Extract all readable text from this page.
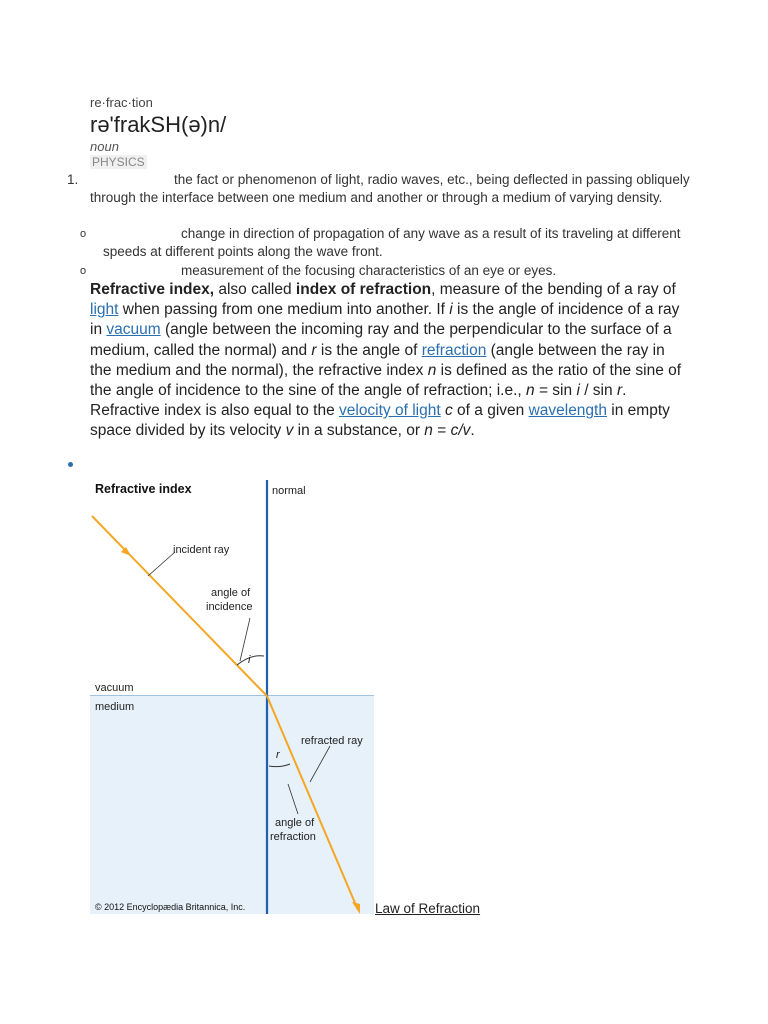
re·frac·tion
rə'frakSH(ə)n/
noun
PHYSICS
1.	the fact or phenomenon of light, radio waves, etc., being deflected in passing obliquely through the interface between one medium and another or through a medium of varying density.
o	change in direction of propagation of any wave as a result of its traveling at different speeds at different points along the wave front.
o	measurement of the focusing characteristics of an eye or eyes.
Refractive index, also called index of refraction, measure of the bending of a ray of light when passing from one medium into another. If i is the angle of incidence of a ray in vacuum (angle between the incoming ray and the perpendicular to the surface of a medium, called the normal) and r is the angle of refraction (angle between the ray in the medium and the normal), the refractive index n is defined as the ratio of the sine of the angle of incidence to the sine of the angle of refraction; i.e., n = sin i / sin r. Refractive index is also equal to the velocity of light c of a given wavelength in empty space divided by its velocity v in a substance, or n = c/v.
Refractive index	normal
incident ray
angle of
incidence
i
vacuum
medium
r
refracted ray
angle of
refraction
© 2012 Encyclopædia Britannica, Inc.	Law of Refraction
